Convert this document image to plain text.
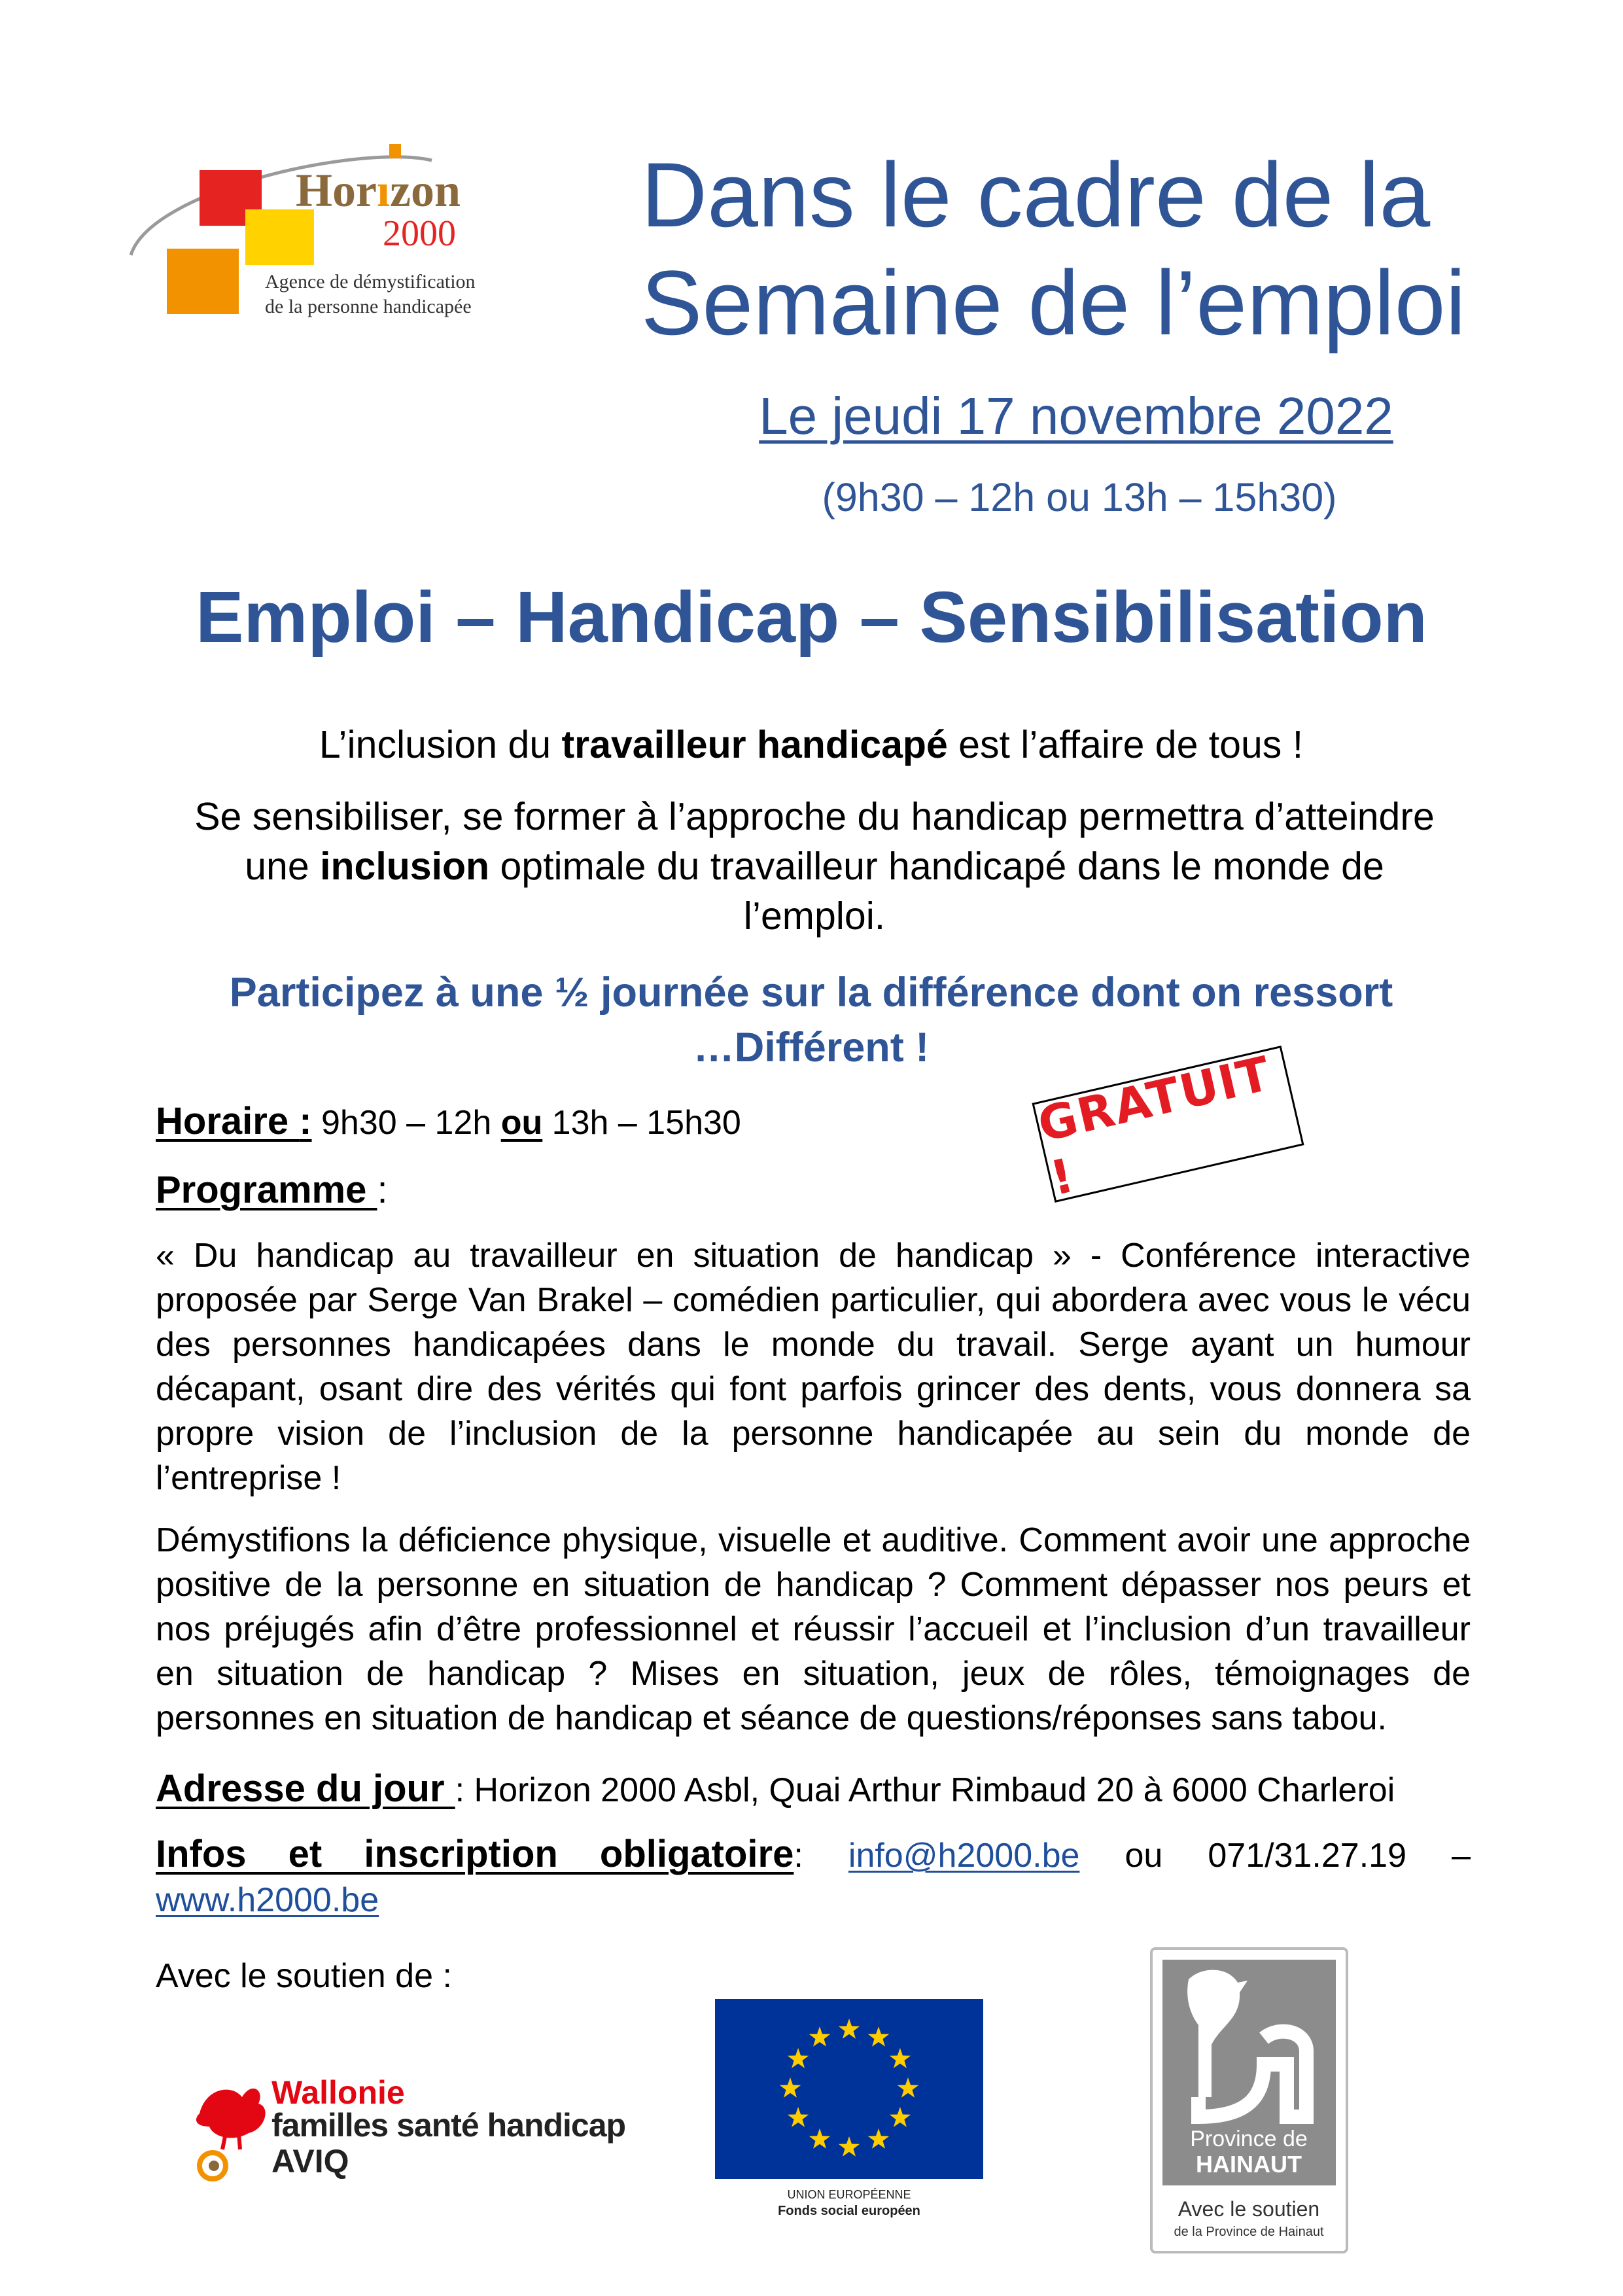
Horızon
2000
Agence de démystification
de la personne handicapée
Dans le cadre de la
Semaine de l’emploi
Le jeudi 17 novembre 2022
(9h30 – 12h ou 13h – 15h30)
Emploi – Handicap – Sensibilisation
L’inclusion du travailleur handicapé est l’affaire de tous !
Se sensibiliser, se former à l’approche du handicap permettra d’atteindre une inclusion optimale du travailleur handicapé dans le monde de l’emploi.
Participez à une ½ journée sur la différence dont on ressort
…Différent !
Horaire : 9h30 – 12h ou 13h – 15h30	GRATUIT !
Programme :
« Du handicap au travailleur en situation de handicap » - Conférence interactive proposée par Serge Van Brakel – comédien particulier, qui abordera avec vous le vécu des personnes handicapées dans le monde du travail. Serge ayant un humour décapant, osant dire des vérités qui font parfois grincer des dents, vous donnera sa propre vision de l’inclusion de la personne handicapée au sein du monde de l’entreprise !
Démystifions la déficience physique, visuelle et auditive. Comment avoir une approche positive de la personne en situation de handicap ? Comment dépasser nos peurs et nos préjugés afin d’être professionnel et réussir l’accueil et l’inclusion d’un travailleur en situation de handicap ? Mises en situation, jeux de rôles, témoignages de personnes en situation de handicap et séance de questions/réponses sans tabou.
Adresse du jour : Horizon 2000 Asbl, Quai Arthur Rimbaud 20 à 6000 Charleroi
Infos et inscription obligatoire: info@h2000.be ou 071/31.27.19 –
www.h2000.be
Avec le soutien de :
Wallonie
familles santé handicap
AVIQ
UNION EUROPÉENNE
Fonds social européen
Province de
HAINAUT
Avec le soutien
de la Province de Hainaut
